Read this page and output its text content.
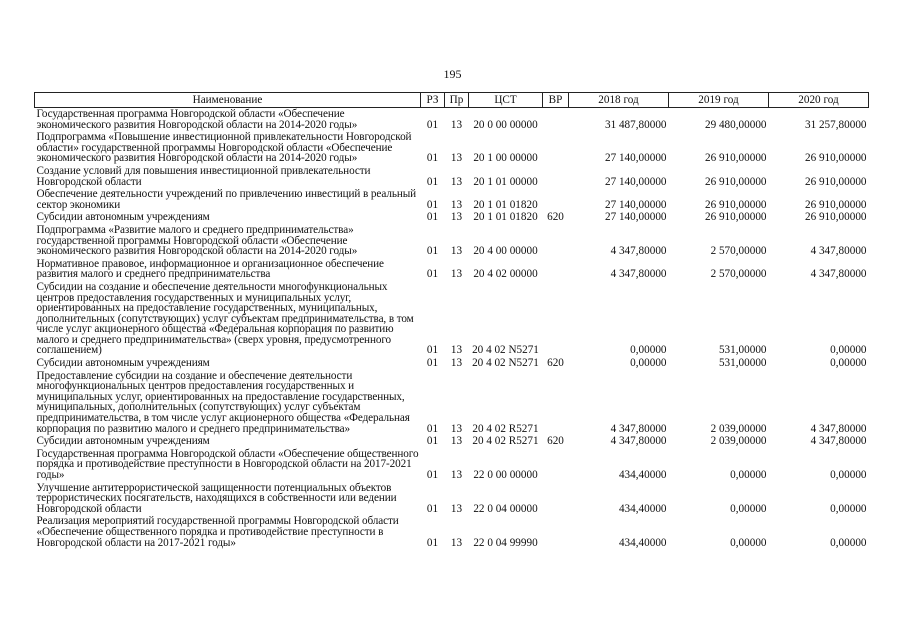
195
Наименование	РЗ	Пр	ЦСТ	ВР	2018 год	2019 год	2020 год
Государственная программа Новгородской области «Обеспечение экономического развития Новгородской области на 2014-2020 годы»	01	13	20 0 00 00000		31 487,80000	29 480,00000	31 257,80000
Подпрограмма «Повышение инвестиционной привлекательности Новгородской области» государственной программы Новгородской области «Обеспечение экономического развития Новгородской области на 2014-2020 годы»	01	13	20 1 00 00000		27 140,00000	26 910,00000	26 910,00000
Создание условий для повышения инвестиционной привлекательности Новгородской области	01	13	20 1 01 00000		27 140,00000	26 910,00000	26 910,00000
Обеспечение деятельности учреждений по привлечению инвестиций в реальный сектор экономики	01	13	20 1 01 01820		27 140,00000	26 910,00000	26 910,00000
Субсидии автономным учреждениям	01	13	20 1 01 01820	620	27 140,00000	26 910,00000	26 910,00000
Подпрограмма «Развитие малого и среднего предпринимательства» государственной программы Новгородской области «Обеспечение экономического развития Новгородской области на 2014-2020 годы»	01	13	20 4 00 00000		4 347,80000	2 570,00000	4 347,80000
Нормативное правовое, информационное и организационное обеспечение развития малого и среднего предпринимательства	01	13	20 4 02 00000		4 347,80000	2 570,00000	4 347,80000
Субсидии на создание и обеспечение деятельности многофункциональных центров предоставления государственных и муниципальных услуг, ориентированных на предоставление государственных, муниципальных, дополнительных (сопутствующих) услуг субъектам предпринимательства, в том числе услуг акционерного общества «Федеральная корпорация по развитию малого и среднего предпринимательства» (сверх уровня, предусмотренного соглашением)	01	13	20 4 02 N5271		0,00000	531,00000	0,00000
Субсидии автономным учреждениям	01	13	20 4 02 N5271	620	0,00000	531,00000	0,00000
Предоставление субсидии на создание и обеспечение деятельности многофункциональных центров предоставления государственных и муниципальных услуг, ориентированных на предоставление государственных, муниципальных, дополнительных (сопутствующих) услуг субъектам предпринимательства, в том числе услуг акционерного общества «Федеральная корпорация по развитию малого и среднего предпринимательства»	01	13	20 4 02 R5271		4 347,80000	2 039,00000	4 347,80000
Субсидии автономным учреждениям	01	13	20 4 02 R5271	620	4 347,80000	2 039,00000	4 347,80000
Государственная программа Новгородской области «Обеспечение общественного порядка и противодействие преступности в Новгородской области на 2017-2021 годы»	01	13	22 0 00 00000		434,40000	0,00000	0,00000
Улучшение антитеррористической защищенности потенциальных объектов террористических посягательств, находящихся в собственности или ведении Новгородской области	01	13	22 0 04 00000		434,40000	0,00000	0,00000
Реализация мероприятий государственной программы Новгородской области «Обеспечение общественного порядка и противодействие преступности в Новгородской области на 2017-2021 годы»	01	13	22 0 04 99990		434,40000	0,00000	0,00000
